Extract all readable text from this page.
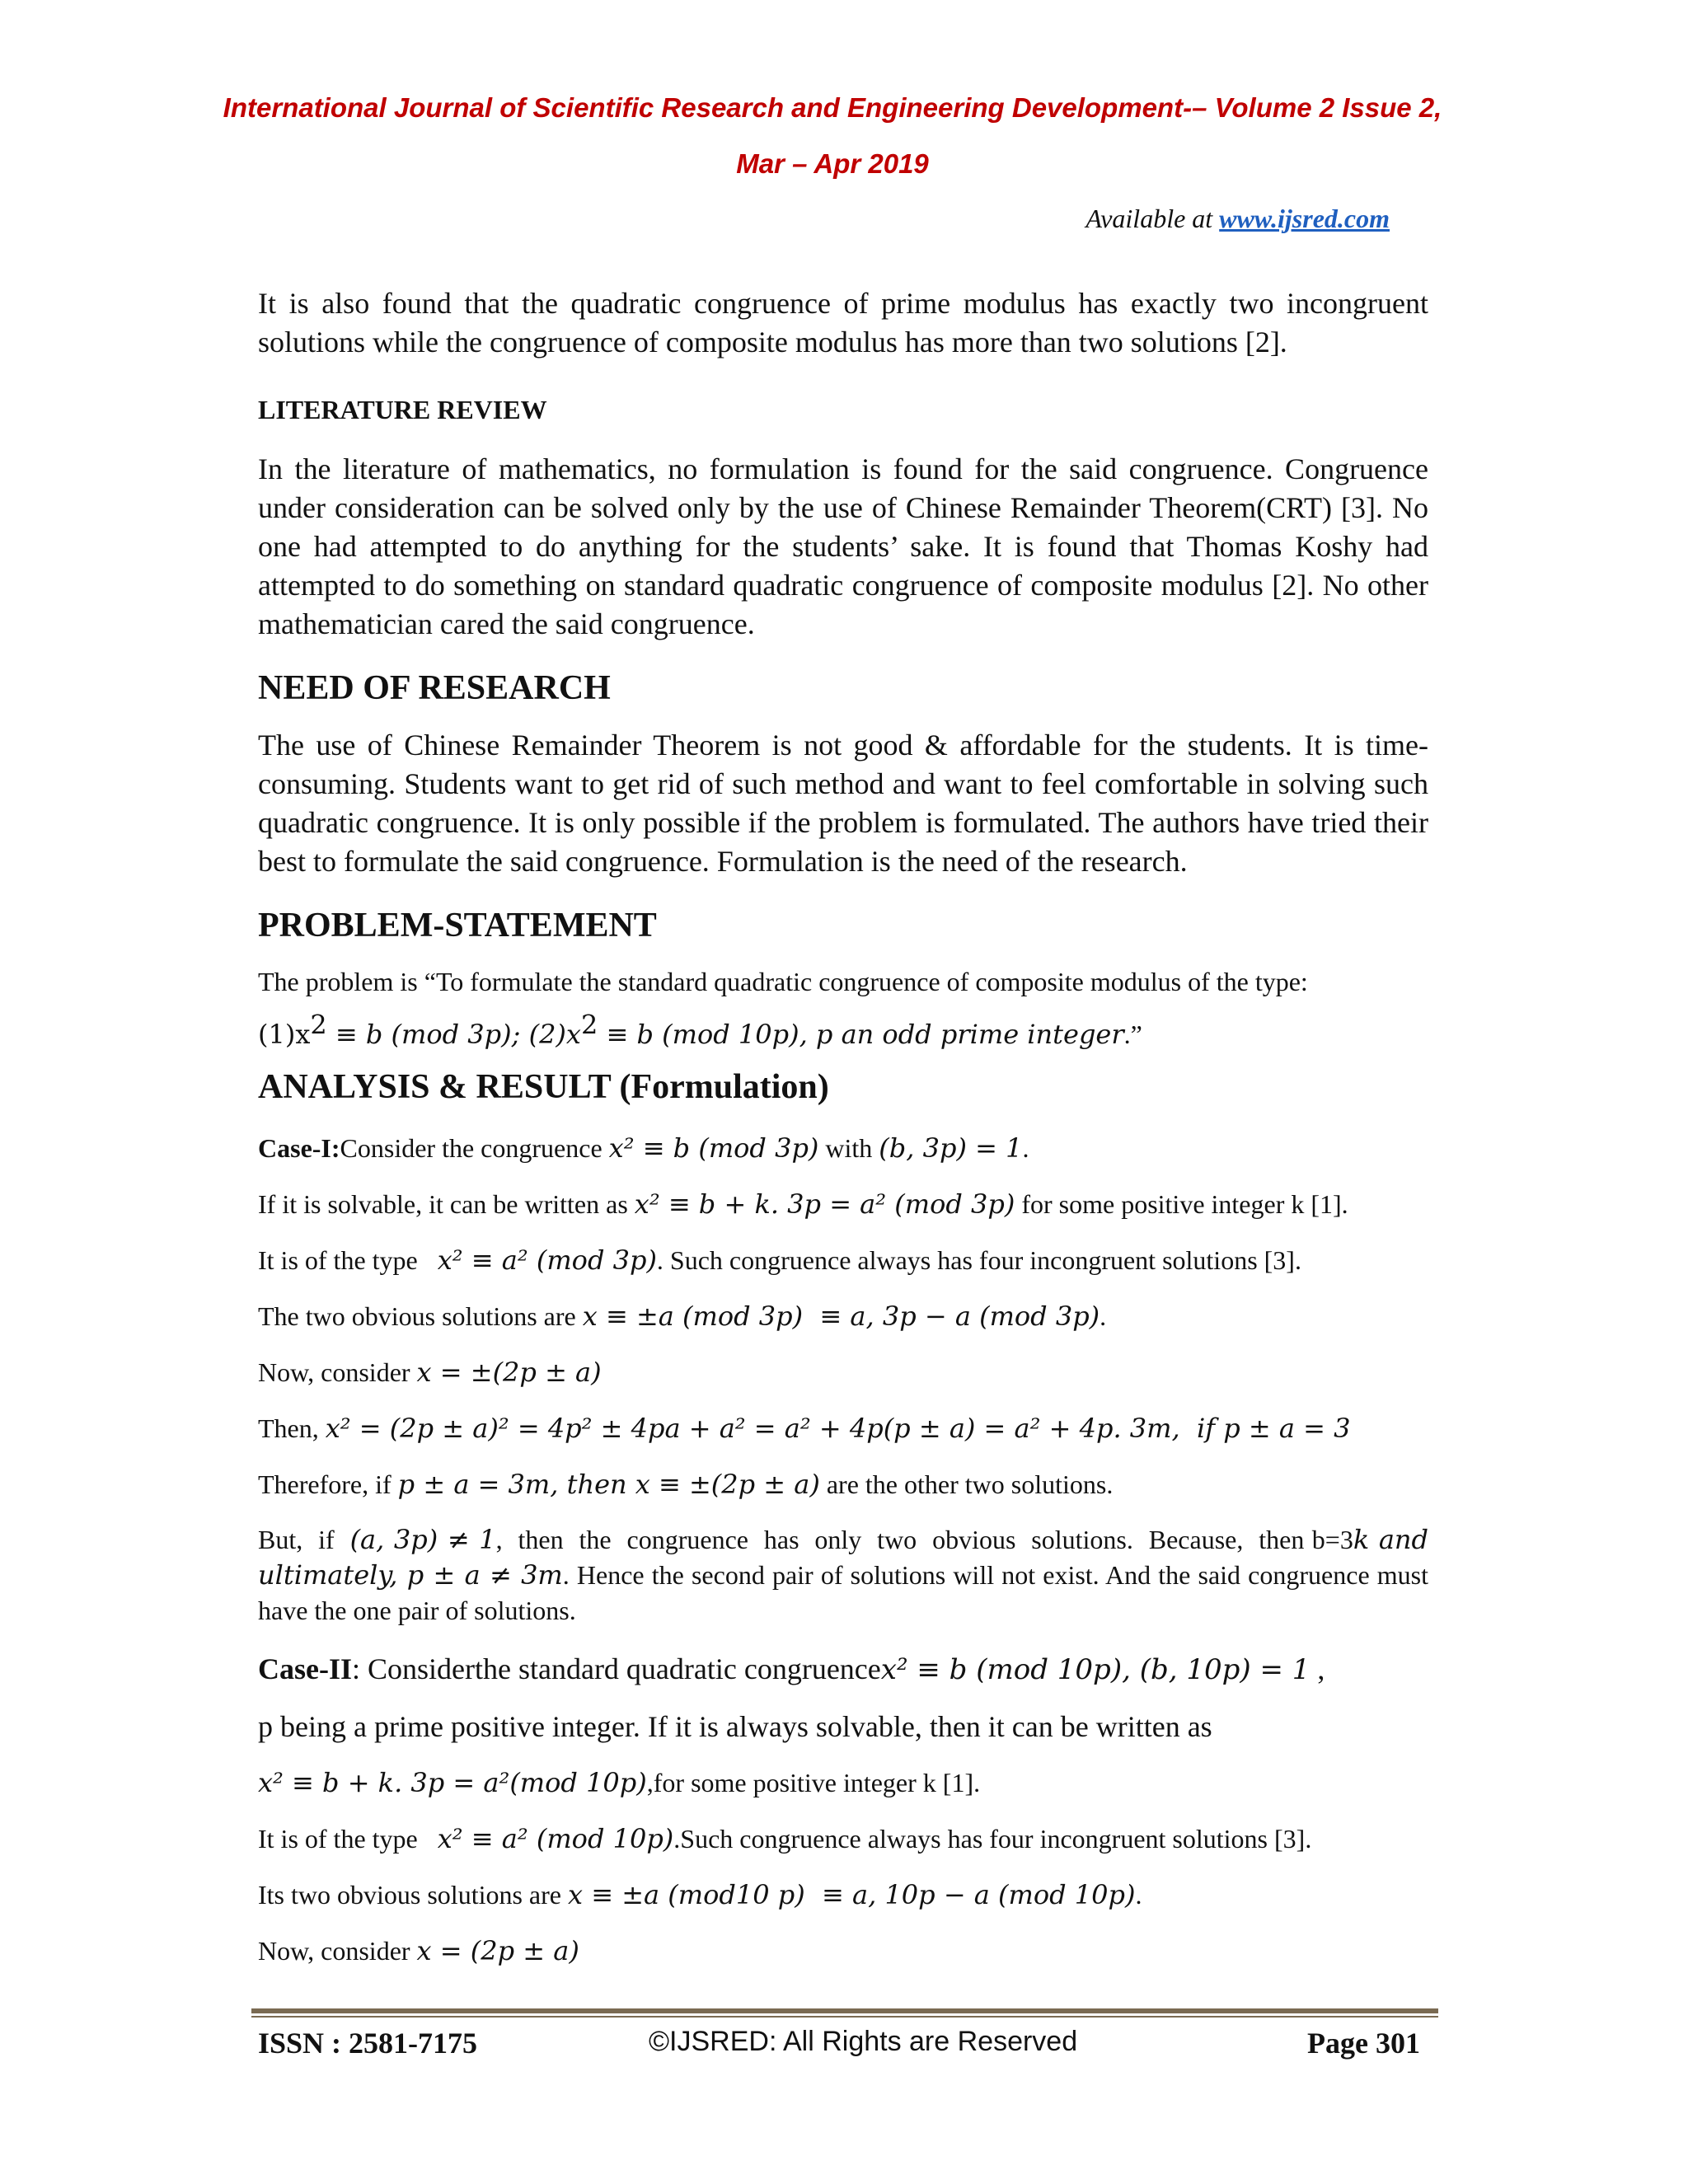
International Journal of Scientific Research and Engineering Development-– Volume 2 Issue 2,
Mar – Apr 2019
Available at www.ijsred.com

It is also found that the quadratic congruence of prime modulus has exactly two incongruent solutions while the congruence of composite modulus has more than two solutions [2].

LITERATURE REVIEW

In the literature of mathematics, no formulation is found for the said congruence. Congruence under consideration can be solved only by the use of Chinese Remainder Theorem(CRT) [3]. No one had attempted to do anything for the students’ sake. It is found that Thomas Koshy had attempted to do something on standard quadratic congruence of composite modulus [2]. No other mathematician cared the said congruence.

NEED OF RESEARCH

The use of Chinese Remainder Theorem is not good & affordable for the students. It is time-consuming. Students want to get rid of such method and want to feel comfortable in solving such quadratic congruence. It is only possible if the problem is formulated. The authors have tried their best to formulate the said congruence. Formulation is the need of the research.

PROBLEM-STATEMENT

The problem is “To formulate the standard quadratic congruence of composite modulus of the type:

$(1)x^2 \equiv b$ (mod 3p); $(2)x^2 \equiv b$ (mod 10p), p an odd prime integer.”

ANALYSIS & RESULT (Formulation)

Case-I:Consider the congruence x² ≡ b (mod 3p) with (b, 3p) = 1.

If it is solvable, it can be written as x² ≡ b + k. 3p = a² (mod 3p) for some positive integer k [1].

It is of the type   x² ≡ a² (mod 3p). Such congruence always has four incongruent solutions [3].

The two obvious solutions are x ≡ ±a (mod 3p)  ≡ a, 3p − a (mod 3p).

Now, consider x = ±(2p ± a)

Then, x² = (2p ± a)² = 4p² ± 4pa + a² = a² + 4p(p ± a) = a² + 4p. 3m,  if p ± a = 3

Therefore, if p ± a = 3m, then x ≡ ±(2p ± a) are the other two solutions.

But,  if  (a, 3p) ≠ 1,  then  the  congruence  has  only  two  obvious  solutions.  Because,  then b=3k and ultimately, p ± a ≠ 3m. Hence the second pair of solutions will not exist. And the said congruence must have the one pair of solutions.

Case-II: Considerthe standard quadratic congruencex² ≡ b (mod 10p), (b, 10p) = 1 ,

p being a prime positive integer. If it is always solvable, then it can be written as

x² ≡ b + k. 3p = a²(mod 10p),for some positive integer k [1].

It is of the type   x² ≡ a² (mod 10p).Such congruence always has four incongruent solutions [3].

Its two obvious solutions are x ≡ ±a (mod10 p)  ≡ a, 10p − a (mod 10p).

Now, consider x = (2p ± a)

ISSN : 2581-7175	©IJSRED: All Rights are Reserved	Page 301
